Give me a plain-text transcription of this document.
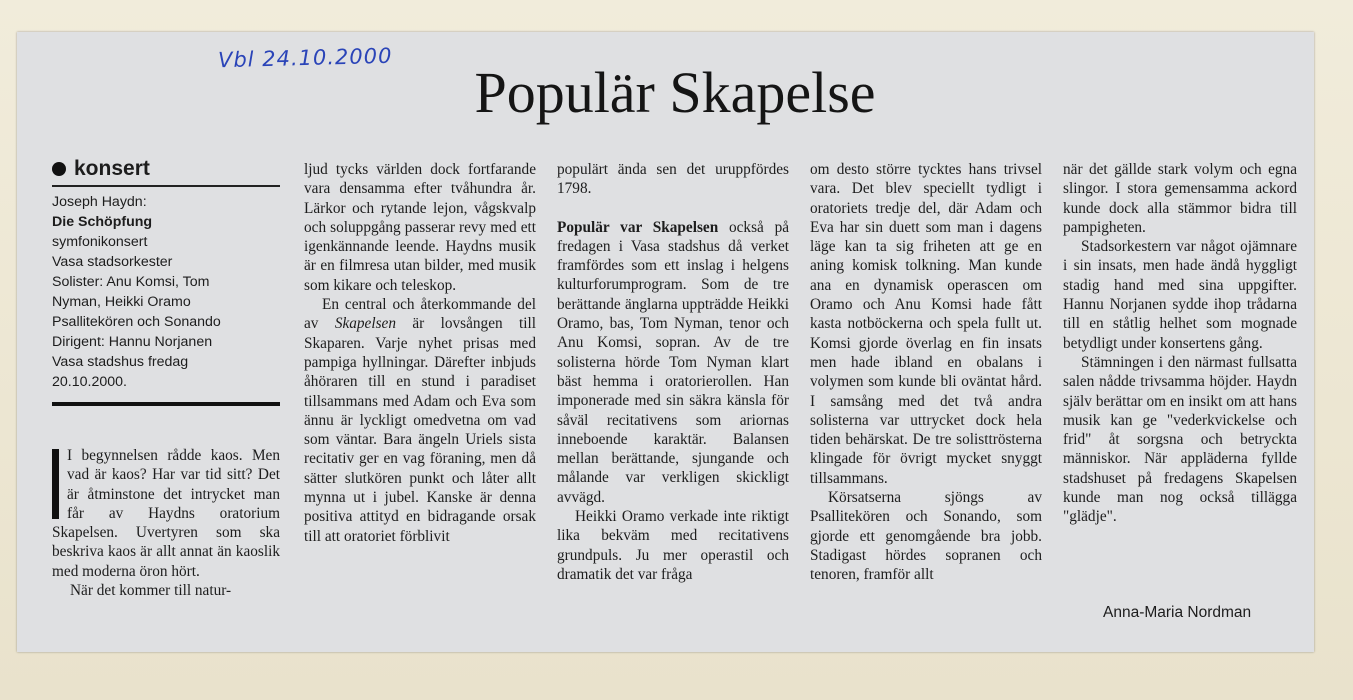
Vbl 24.10.2000
Populär Skapelse
konsert
Joseph Haydn:
Die Schöpfung
symfonikonsert
Vasa stadsorkester
Solister: Anu Komsi, Tom
Nyman, Heikki Oramo
Psallitekören och Sonando
Dirigent: Hannu Norjanen
Vasa stadshus fredag
20.10.2000.

I begynnelsen rådde kaos. Men vad är kaos? Har var tid sitt? Det är åtminstone det intrycket man får av Haydns oratorium Skapelsen. Uvertyren som ska beskriva kaos är allt annat än kaoslik med moderna öron hört.

När det kommer till natur-

ljud tycks världen dock fortfarande vara densamma efter tvåhundra år. Lärkor och rytande lejon, vågskvalp och soluppgång passerar revy med ett igenkännande leende. Haydns musik är en filmresa utan bilder, med musik som kikare och teleskop.

En central och återkommande del av Skapelsen är lovsången till Skaparen. Varje nyhet prisas med pampiga hyllningar. Därefter inbjuds åhöraren till en stund i paradiset tillsammans med Adam och Eva som ännu är lyckligt omedvetna om vad som väntar. Bara ängeln Uriels sista recitativ ger en vag föraning, men då sätter slutkören punkt och låter allt mynna ut i jubel. Kanske är denna positiva attityd en bidragande orsak till att oratoriet förblivit

populärt ända sen det uruppfördes 1798.

Populär var Skapelsen också på fredagen i Vasa stadshus då verket framfördes som ett inslag i helgens kulturforumprogram. Som de tre berättande änglarna uppträdde Heikki Oramo, bas, Tom Nyman, tenor och Anu Komsi, sopran. Av de tre solisterna hörde Tom Nyman klart bäst hemma i oratorierollen. Han imponerade med sin säkra känsla för såväl recitativens som ariornas inneboende karaktär. Balansen mellan berättande, sjungande och målande var verkligen skickligt avvägd.

Heikki Oramo verkade inte riktigt lika bekväm med recitativens grundpuls. Ju mer operastil och dramatik det var fråga

om desto större tycktes hans trivsel vara. Det blev speciellt tydligt i oratoriets tredje del, där Adam och Eva har sin duett som man i dagens läge kan ta sig friheten att ge en aning komisk tolkning. Man kunde ana en dynamisk operascen om Oramo och Anu Komsi hade fått kasta notböckerna och spela fullt ut. Komsi gjorde överlag en fin insats men hade ibland en obalans i volymen som kunde bli oväntat hård. I samsång med det två andra solisterna var uttrycket dock hela tiden behärskat. De tre solisttrösterna klingade för övrigt mycket snyggt tillsammans.

Körsatserna sjöngs av Psallitekören och Sonando, som gjorde ett genomgående bra jobb. Stadigast hördes sopranen och tenoren, framför allt

när det gällde stark volym och egna slingor. I stora gemensamma ackord kunde dock alla stämmor bidra till pampigheten.

Stadsorkestern var något ojämnare i sin insats, men hade ändå hyggligt stadig hand med sina uppgifter. Hannu Norjanen sydde ihop trådarna till en ståtlig helhet som mognade betydligt under konsertens gång.

Stämningen i den närmast fullsatta salen nådde trivsamma höjder. Haydn själv berättar om en insikt om att hans musik kan ge "vederkvickelse och frid" åt sorgsna och betryckta människor. När appläderna fyllde stadshuset på fredagens Skapelsen kunde man nog också tillägga "glädje".

Anna-Maria Nordman
